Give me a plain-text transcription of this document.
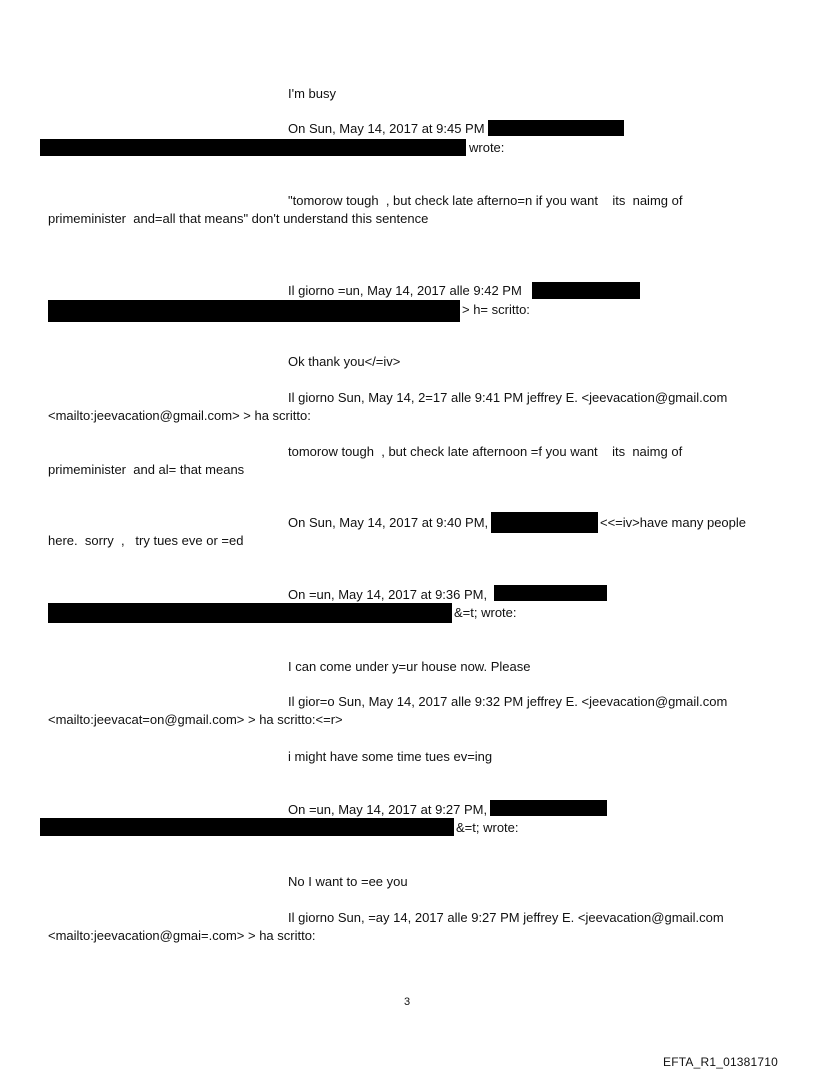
I'm busy
On Sun, May 14, 2017 at 9:45 PM
wrote:
"tomorow tough  , but check late afterno=n if you want    its  naimg of
primeminister  and=all that means" don't understand this sentence
Il giorno =un, May 14, 2017 alle 9:42 PM
> h= scritto:
Ok thank you</=iv>
Il giorno Sun, May 14, 2=17 alle 9:41 PM jeffrey E. <jeevacation@gmail.com
<mailto:jeevacation@gmail.com> > ha scritto:
tomorow tough  , but check late afternoon =f you want    its  naimg of
primeminister  and al= that means
On Sun, May 14, 2017 at 9:40 PM,	<<=iv>have many people
here.  sorry  ,   try tues eve or =ed
On =un, May 14, 2017 at 9:36 PM,
&=t; wrote:
I can come under y=ur house now. Please
Il gior=o Sun, May 14, 2017 alle 9:32 PM jeffrey E. <jeevacation@gmail.com
<mailto:jeevacat=on@gmail.com> > ha scritto:<=r>
i might have some time tues ev=ing
On =un, May 14, 2017 at 9:27 PM,
&=t; wrote:
No I want to =ee you
Il giorno Sun, =ay 14, 2017 alle 9:27 PM jeffrey E. <jeevacation@gmail.com
<mailto:jeevacation@gmai=.com> > ha scritto:
3
EFTA_R1_01381710
